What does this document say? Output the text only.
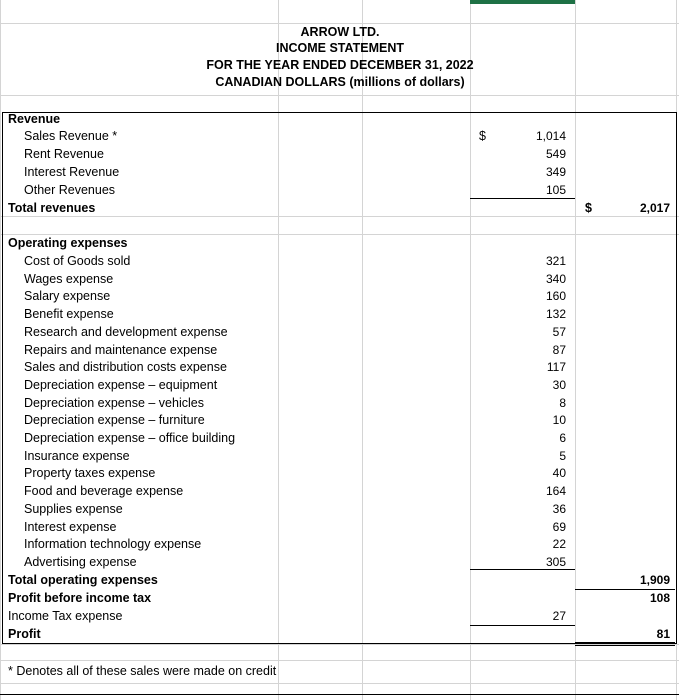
ARROW LTD.
INCOME STATEMENT
FOR THE YEAR ENDED DECEMBER 31, 2022
CANADIAN DOLLARS (millions of dollars)
Revenue
Sales Revenue *	$	1,014
Rent Revenue	549
Interest Revenue	349
Other Revenues	105
Total revenues	$	2,017
Operating expenses
Cost of Goods sold	321
Wages expense	340
Salary expense	160
Benefit expense	132
Research and development expense	57
Repairs and maintenance expense	87
Sales and distribution costs expense	117
Depreciation expense – equipment	30
Depreciation expense – vehicles	8
Depreciation expense – furniture	10
Depreciation expense – office building	6
Insurance expense	5
Property taxes expense	40
Food and beverage expense	164
Supplies expense	36
Interest expense	69
Information technology expense	22
Advertising expense	305
Total operating expenses	1,909
Profit before income tax	108
Income Tax expense	27
Profit	81
* Denotes all of these sales were made on credit
